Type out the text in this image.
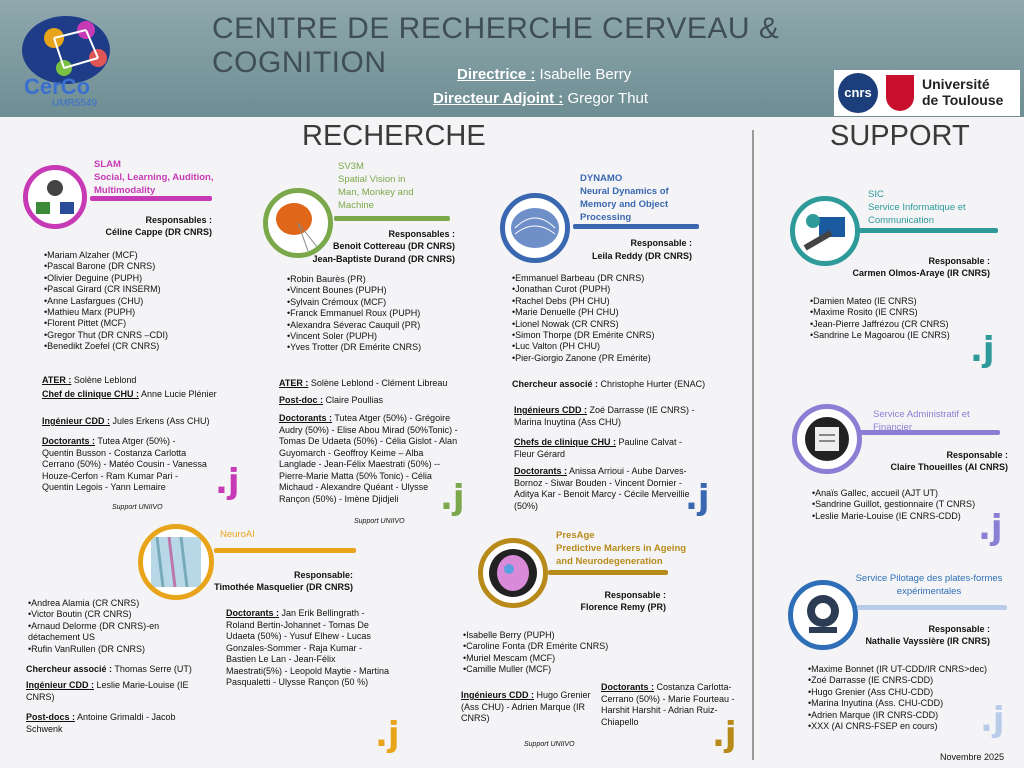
CerCo
UMR5549
CENTRE DE RECHERCHE CERVEAU & COGNITION	Directrice : Isabelle Berry
Directeur Adjoint : Gregor Thut	cnrs
Université
de Toulouse
RECHERCHE	SUPPORT
SLAM
Social, Learning, Audition,
Multimodality
Responsables :
Céline Cappe (DR CNRS)
• Mariam Alzaher (MCF)
• Pascal Barone (DR CNRS)
• Olivier Deguine (PUPH)
• Pascal Girard (CR INSERM)
• Anne Lasfargues (CHU)
• Mathieu Marx (PUPH)
• Florent Pittet (MCF)
• Gregor Thut (DR CNRS –CDI)
• Benedikt Zoefel (CR CNRS)
ATER : Solène Leblond
Chef de clinique CHU : Anne Lucie Plénier
Ingénieur CDD : Jules Erkens (Ass CHU)
Doctorants : Tutea Atger (50%) - Quentin Busson - Costanza Carlotta Cerrano (50%) - Matéo Cousin - Vanessa Houze-Cerfon - Ram Kumar Pari - Quentin Legois - Yann Lemaire
Support UNIIVO
.j
SV3M
Spatial Vision in
Man, Monkey and
Machine
Responsables :
Benoit Cottereau (DR CNRS)
Jean-Baptiste Durand (DR CNRS)
• Robin Baurès (PR)
• Vincent Bounes (PUPH)
• Sylvain Crémoux (MCF)
• Franck Emmanuel Roux (PUPH)
• Alexandra Séverac Cauquil (PR)
• Vincent Soler (PUPH)
• Yves Trotter (DR Emérite CNRS)
ATER : Solène Leblond - Clément Libreau
Post-doc : Claire Poullias
Doctorants : Tutea Atger (50%) - Grégoire Audry (50%) - Elise Abou Mirad (50%Tonic) - Tomas De Udaeta (50%) - Célia Gislot - Alan Guyomarch - Geoffroy Keime – Alba Langlade - Jean-Félix Maestrati (50%) -- Pierre-Marie Matta (50% Tonic) - Célia Michaud - Alexandre Quéant - Ulysse Rançon (50%) - Imène Djidjeli
Support UNIIVO
.j
DYNAMO
Neural Dynamics of
Memory and Object
Processing
Responsable :
Leila Reddy (DR CNRS)
• Emmanuel Barbeau (DR CNRS)
• Jonathan Curot (PUPH)
• Rachel Debs (PH CHU)
• Marie Denuelle (PH CHU)
• Lionel Nowak (CR CNRS)
• Simon Thorpe (DR Emérite CNRS)
• Luc Valton (PH CHU)
• Pier-Giorgio Zanone (PR Emérite)
Chercheur associé : Christophe Hurter (ENAC)
Ingénieurs CDD : Zoé Darrasse (IE CNRS) - Marina Inuytina (Ass CHU)
Chefs de clinique CHU : Pauline Calvat - Fleur Gérard
Doctorants : Anissa Arrioui - Aube Darves-Bornoz - Siwar Bouden - Vincent Dornier - Aditya Kar - Benoit Marcy - Cécile Merveillie (50%)	.j
NeuroAI
Responsable:
Timothée Masquelier (DR CNRS)
• Andrea Alamia (CR CNRS)
• Victor Boutin (CR CNRS)
• Arnaud Delorme (DR CNRS)-en détachement US
• Rufin VanRullen (DR CNRS)
Chercheur associé : Thomas Serre (UT)
Ingénieur CDD : Leslie Marie-Louise (IE CNRS)
Post-docs : Antoine Grimaldi - Jacob Schwenk
Doctorants : Jan Erik Bellingrath - Roland Bertin-Johannet - Tomas De Udaeta (50%) - Yusuf Elhew - Lucas Gonzales-Sommer - Raja Kumar - Bastien Le Lan - Jean-Félix Maestrati(5%) - Leopold Maytie - Martina Pasqualetti - Ulysse Rançon (50 %)
.j
PresAge
Predictive Markers in Ageing
and Neurodegeneration
Responsable :
Florence Remy (PR)
• Isabelle Berry (PUPH)
• Caroline Fonta (DR Emérite CNRS)
• Muriel Mescam (MCF)
• Camille Muller (MCF)
Ingénieurs CDD : Hugo Grenier (Ass CHU) - Adrien Marque (IR CNRS)
Doctorants : Costanza Carlotta-Cerrano (50%) - Marie Fourteau - Harshit Harshit - Adrian Ruiz-Chiapello
Support UNIIVO	.j
SIC
Service Informatique et
Communication
Responsable :
Carmen Olmos-Araye (IR CNRS)
• Damien Mateo (IE CNRS)
• Maxime Rosito (IE CNRS)
• Jean-Pierre Jaffrézou (CR CNRS)
• Sandrine Le Magoarou (IE CNRS) .j
Service Administratif et
Financier
Responsable :
Claire Thoueilles (AI CNRS)
• Anaïs Gallec, accueil (AJT UT)
• Sandrine Guillot, gestionnaire (T CNRS)
• Leslie Marie-Louise (IE CNRS-CDD) .j
Service Pilotage des plates-formes
expérimentales
Responsable :
Nathalie Vayssière (IR CNRS)
• Maxime Bonnet (IR UT-CDD/IR CNRS>dec)
• Zoé Darrasse (IE CNRS-CDD)
• Hugo Grenier (Ass CHU-CDD)
• Marina Inyutina (Ass. CHU-CDD)
• Adrien Marque (IR CNRS-CDD)
• XXX (AI CNRS-FSEP en cours)	.j
Novembre 2025
